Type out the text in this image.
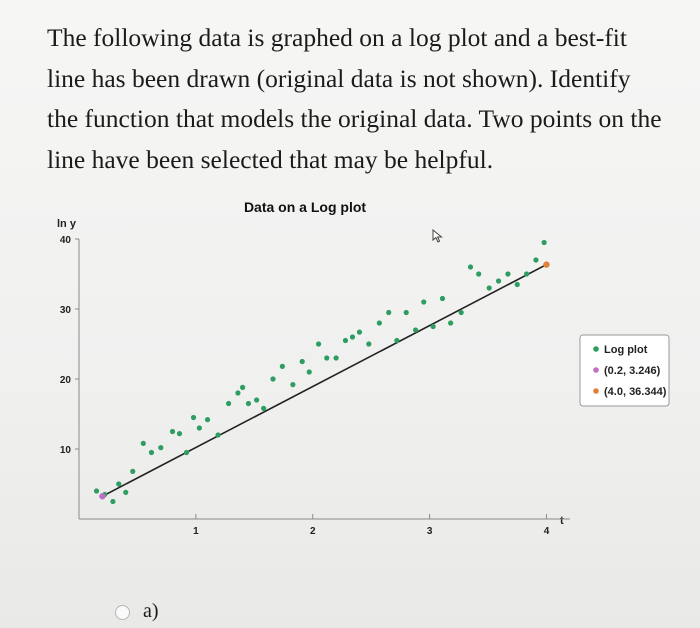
The following data is graphed on a log plot and a best-fit
line has been drawn (original data is not shown). Identify
the function that models the original data. Two points on the
line have been selected that may be helpful.
Data on a Log plot
ln y
t
10
20
30
40
1	2	3	4
Log plot
(0.2, 3.246)
(4.0, 36.344)
a)
